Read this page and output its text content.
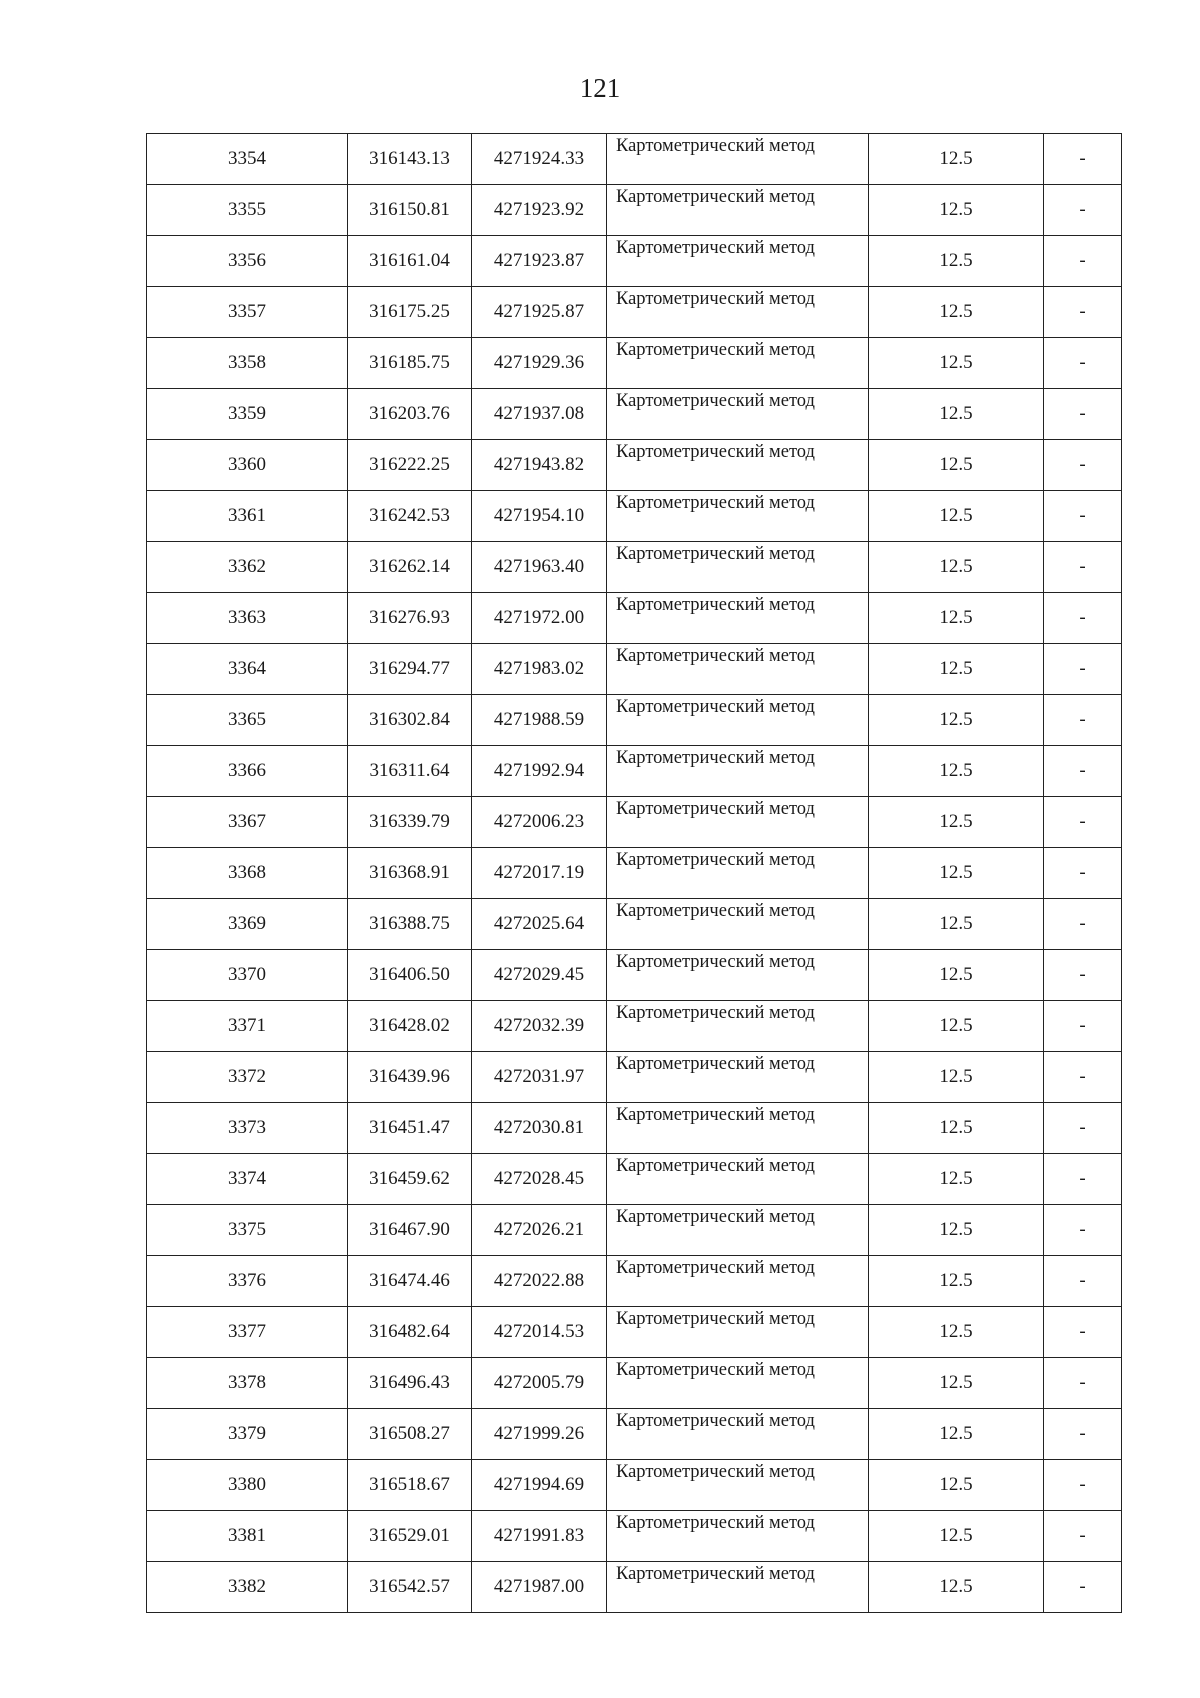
121
3354	316143.13	4271924.33	Картометрический метод	12.5	-
3355	316150.81	4271923.92	Картометрический метод	12.5	-
3356	316161.04	4271923.87	Картометрический метод	12.5	-
3357	316175.25	4271925.87	Картометрический метод	12.5	-
3358	316185.75	4271929.36	Картометрический метод	12.5	-
3359	316203.76	4271937.08	Картометрический метод	12.5	-
3360	316222.25	4271943.82	Картометрический метод	12.5	-
3361	316242.53	4271954.10	Картометрический метод	12.5	-
3362	316262.14	4271963.40	Картометрический метод	12.5	-
3363	316276.93	4271972.00	Картометрический метод	12.5	-
3364	316294.77	4271983.02	Картометрический метод	12.5	-
3365	316302.84	4271988.59	Картометрический метод	12.5	-
3366	316311.64	4271992.94	Картометрический метод	12.5	-
3367	316339.79	4272006.23	Картометрический метод	12.5	-
3368	316368.91	4272017.19	Картометрический метод	12.5	-
3369	316388.75	4272025.64	Картометрический метод	12.5	-
3370	316406.50	4272029.45	Картометрический метод	12.5	-
3371	316428.02	4272032.39	Картометрический метод	12.5	-
3372	316439.96	4272031.97	Картометрический метод	12.5	-
3373	316451.47	4272030.81	Картометрический метод	12.5	-
3374	316459.62	4272028.45	Картометрический метод	12.5	-
3375	316467.90	4272026.21	Картометрический метод	12.5	-
3376	316474.46	4272022.88	Картометрический метод	12.5	-
3377	316482.64	4272014.53	Картометрический метод	12.5	-
3378	316496.43	4272005.79	Картометрический метод	12.5	-
3379	316508.27	4271999.26	Картометрический метод	12.5	-
3380	316518.67	4271994.69	Картометрический метод	12.5	-
3381	316529.01	4271991.83	Картометрический метод	12.5	-
3382	316542.57	4271987.00	Картометрический метод	12.5	-
